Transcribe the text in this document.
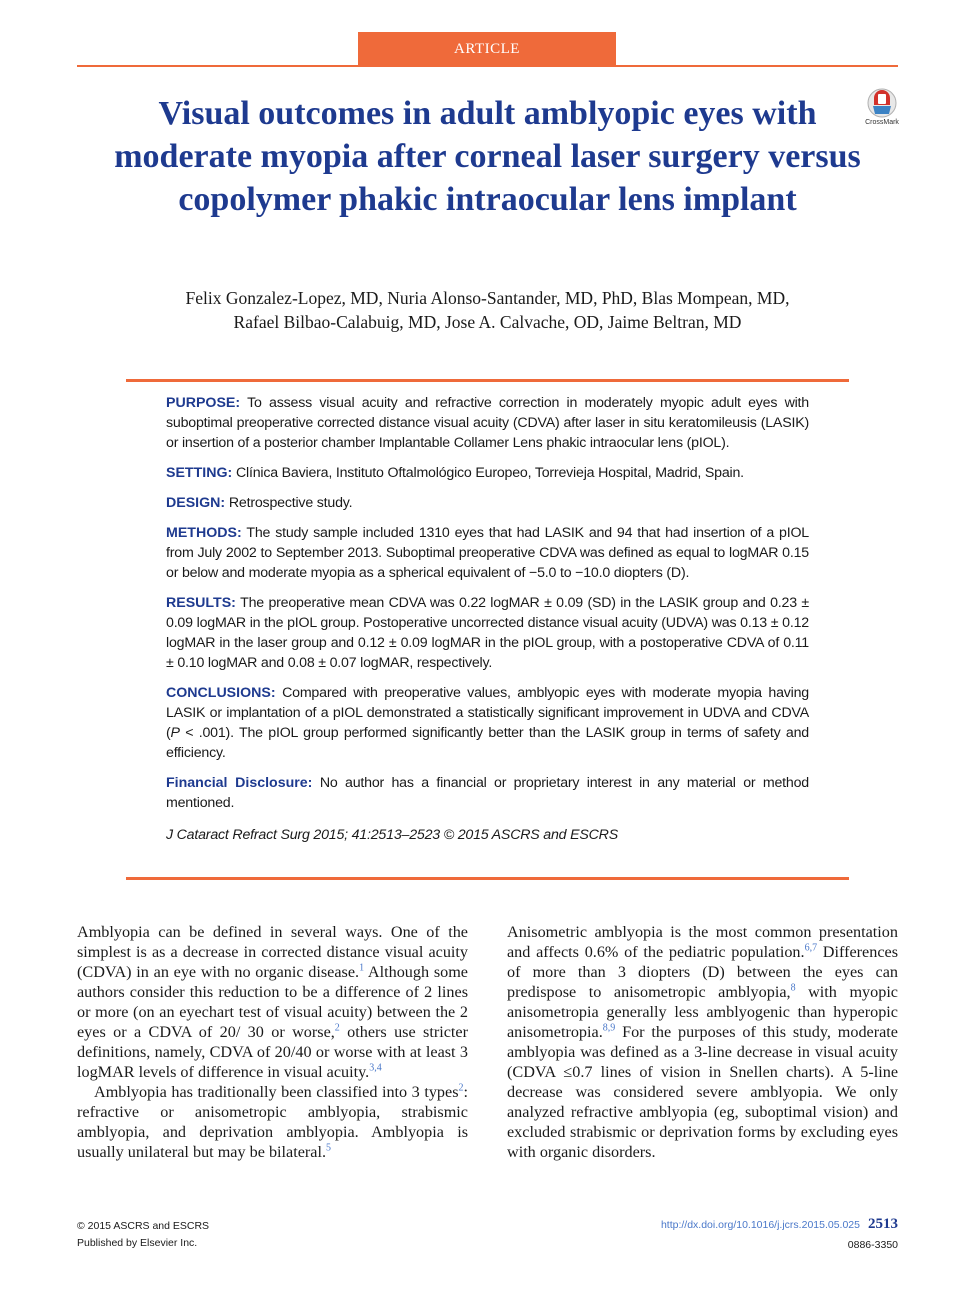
ARTICLE
Visual outcomes in adult amblyopic eyes with moderate myopia after corneal laser surgery versus copolymer phakic intraocular lens implant
CrossMark
Felix Gonzalez-Lopez, MD, Nuria Alonso-Santander, MD, PhD, Blas Mompean, MD,
Rafael Bilbao-Calabuig, MD, Jose A. Calvache, OD, Jaime Beltran, MD

PURPOSE: To assess visual acuity and refractive correction in moderately myopic adult eyes with suboptimal preoperative corrected distance visual acuity (CDVA) after laser in situ keratomileusis (LASIK) or insertion of a posterior chamber Implantable Collamer Lens phakic intraocular lens (pIOL).

SETTING: Clínica Baviera, Instituto Oftalmológico Europeo, Torrevieja Hospital, Madrid, Spain.

DESIGN: Retrospective study.

METHODS: The study sample included 1310 eyes that had LASIK and 94 that had insertion of a pIOL from July 2002 to September 2013. Suboptimal preoperative CDVA was defined as equal to logMAR 0.15 or below and moderate myopia as a spherical equivalent of −5.0 to −10.0 diopters (D).

RESULTS: The preoperative mean CDVA was 0.22 logMAR ± 0.09 (SD) in the LASIK group and 0.23 ± 0.09 logMAR in the pIOL group. Postoperative uncorrected distance visual acuity (UDVA) was 0.13 ± 0.12 logMAR in the laser group and 0.12 ± 0.09 logMAR in the pIOL group, with a postoperative CDVA of 0.11 ± 0.10 logMAR and 0.08 ± 0.07 logMAR, respectively.

CONCLUSIONS: Compared with preoperative values, amblyopic eyes with moderate myopia having LASIK or implantation of a pIOL demonstrated a statistically significant improvement in UDVA and CDVA (P < .001). The pIOL group performed significantly better than the LASIK group in terms of safety and efficiency.

Financial Disclosure: No author has a financial or proprietary interest in any material or method mentioned.

J Cataract Refract Surg 2015; 41:2513–2523 © 2015 ASCRS and ESCRS

Amblyopia can be defined in several ways. One of the simplest is as a decrease in corrected distance visual acuity (CDVA) in an eye with no organic disease.$^1$ Although some authors consider this reduction to be a difference of 2 lines or more (on an eyechart test of visual acuity) between the 2 eyes or a CDVA of 20/ 30 or worse,$^2$ others use stricter definitions, namely, CDVA of 20/40 or worse with at least 3 logMAR levels of difference in visual acuity.$^{3,4}$

Amblyopia has traditionally been classified into 3 types$^2$: refractive or anisometropic amblyopia, strabismic amblyopia, and deprivation amblyopia. Amblyopia is usually unilateral but may be bilateral.$^5$

Anisometric amblyopia is the most common presentation and affects 0.6% of the pediatric population.$^{6,7}$ Differences of more than 3 diopters (D) between the eyes can predispose to anisometropic amblyopia,$^8$ with myopic anisometropia generally less amblyogenic than hyperopic anisometropia.$^{8,9}$ For the purposes of this study, moderate amblyopia was defined as a 3-line decrease in visual acuity (CDVA ≤0.7 lines of vision in Snellen charts). A 5-line decrease was considered severe amblyopia. We only analyzed refractive amblyopia (eg, suboptimal vision) and excluded strabismic or deprivation forms by excluding eyes with organic disorders.

© 2015 ASCRS and ESCRS
Published by Elsevier Inc.
http://dx.doi.org/10.1016/j.jcrs.2015.05.025 2513
0886-3350
